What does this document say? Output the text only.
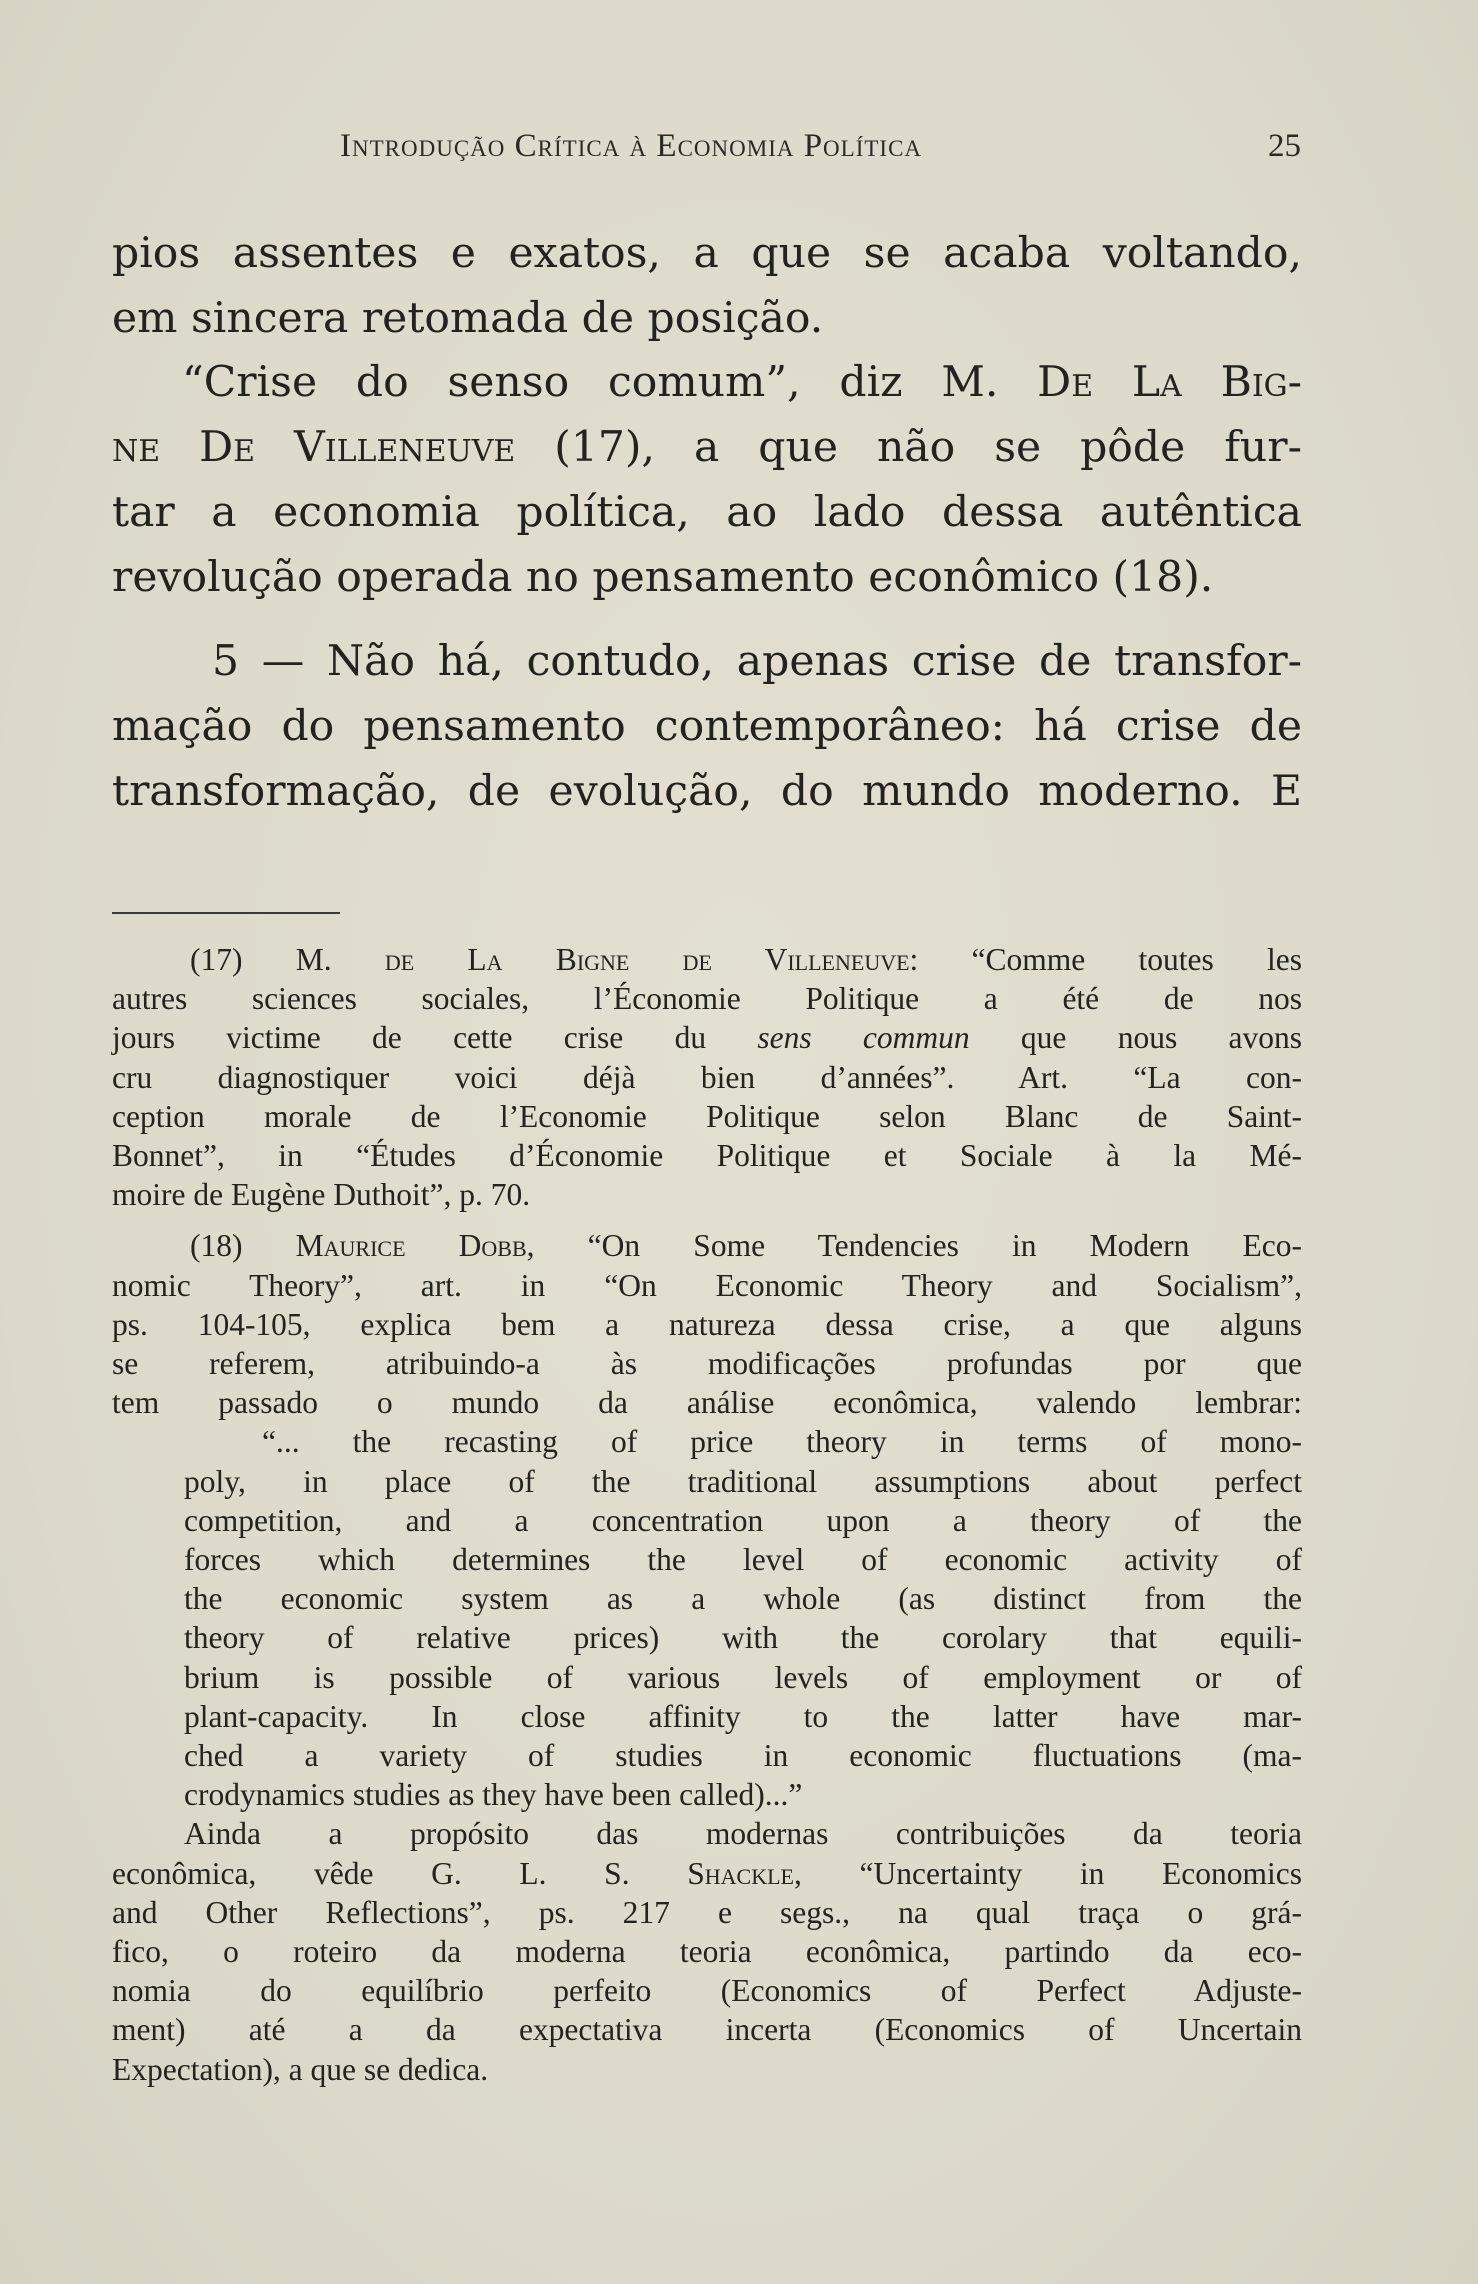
Introdução Crítica à Economia Política	25

pios assentes e exatos, a que se acaba voltando,
em sincera retomada de posição.

“Crise do senso comum”, diz M. De La Big-
ne De Villeneuve (17), a que não se pôde fur-
tar a economia política, ao lado dessa autêntica
revolução operada no pensamento econômico (18).

5 — Não há, contudo, apenas crise de transfor-
mação do pensamento contemporâneo: há crise de
transformação, de evolução, do mundo moderno. E

(17) M. de La Bigne de Villeneuve: “Comme toutes les
autres sciences sociales, l’Économie Politique a été de nos
jours victime de cette crise du sens commun que nous avons
cru diagnostiquer voici déjà bien d’années”. Art. “La con-
ception morale de l’Economie Politique selon Blanc de Saint-
Bonnet”, in “Études d’Économie Politique et Sociale à la Mé-
moire de Eugène Duthoit”, p. 70.
(18) Maurice Dobb, “On Some Tendencies in Modern Eco-
nomic Theory”, art. in “On Economic Theory and Socialism”,
ps. 104-105, explica bem a natureza dessa crise, a que alguns
se referem, atribuindo-a às modificações profundas por que
tem passado o mundo da análise econômica, valendo lembrar:
“... the recasting of price theory in terms of mono-
poly, in place of the traditional assumptions about perfect
competition, and a concentration upon a theory of the
forces which determines the level of economic activity of
the economic system as a whole (as distinct from the
theory of relative prices) with the corolary that equili-
brium is possible of various levels of employment or of
plant-capacity. In close affinity to the latter have mar-
ched a variety of studies in economic fluctuations (ma-
crodynamics studies as they have been called)...”
Ainda a propósito das modernas contribuições da teoria
econômica, vêde G. L. S. Shackle, “Uncertainty in Economics
and Other Reflections”, ps. 217 e segs., na qual traça o grá-
fico, o roteiro da moderna teoria econômica, partindo da eco-
nomia do equilíbrio perfeito (Economics of Perfect Adjuste-
ment) até a da expectativa incerta (Economics of Uncertain
Expectation), a que se dedica.
